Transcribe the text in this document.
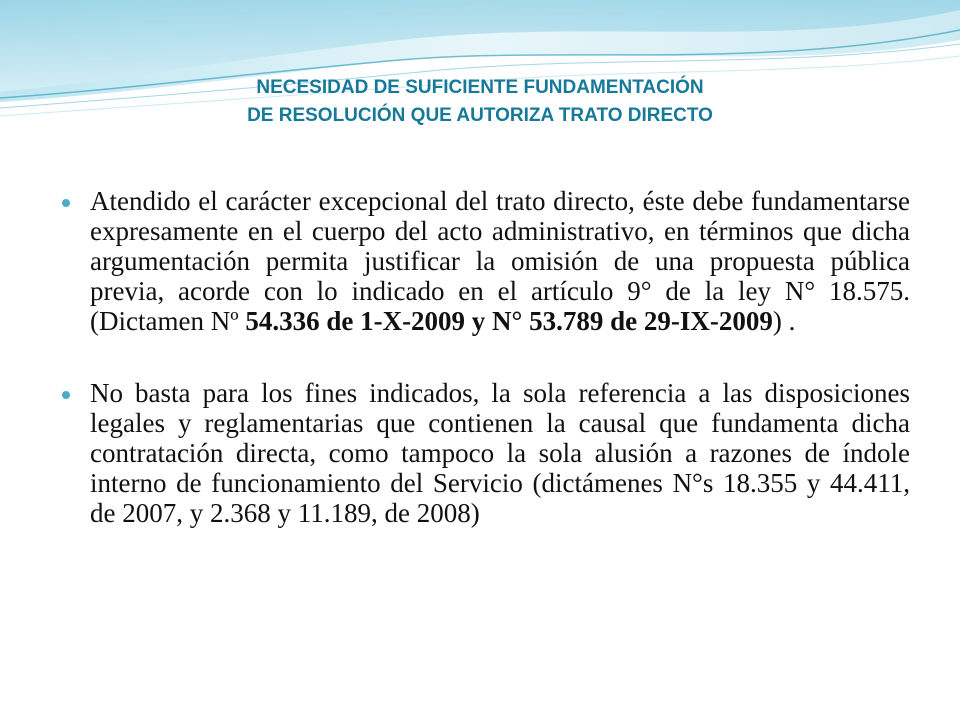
NECESIDAD DE SUFICIENTE FUNDAMENTACIÓN
DE RESOLUCIÓN QUE AUTORIZA TRATO DIRECTO

Atendido el carácter excepcional del trato directo, éste debe fundamentarse expresamente en el cuerpo del acto administrativo, en términos que dicha argumentación permita justificar la omisión de una propuesta pública previa, acorde con lo indicado en el artículo 9° de la ley N° 18.575. (Dictamen Nº 54.336 de 1-X-2009 y N° 53.789 de 29-IX-2009) .

No basta para los fines indicados, la sola referencia a las disposiciones legales y reglamentarias que contienen la causal que fundamenta dicha contratación directa, como tampoco la sola alusión a razones de índole interno de funcionamiento del Servicio (dictámenes N°s 18.355 y 44.411, de 2007, y 2.368 y 11.189, de 2008)
